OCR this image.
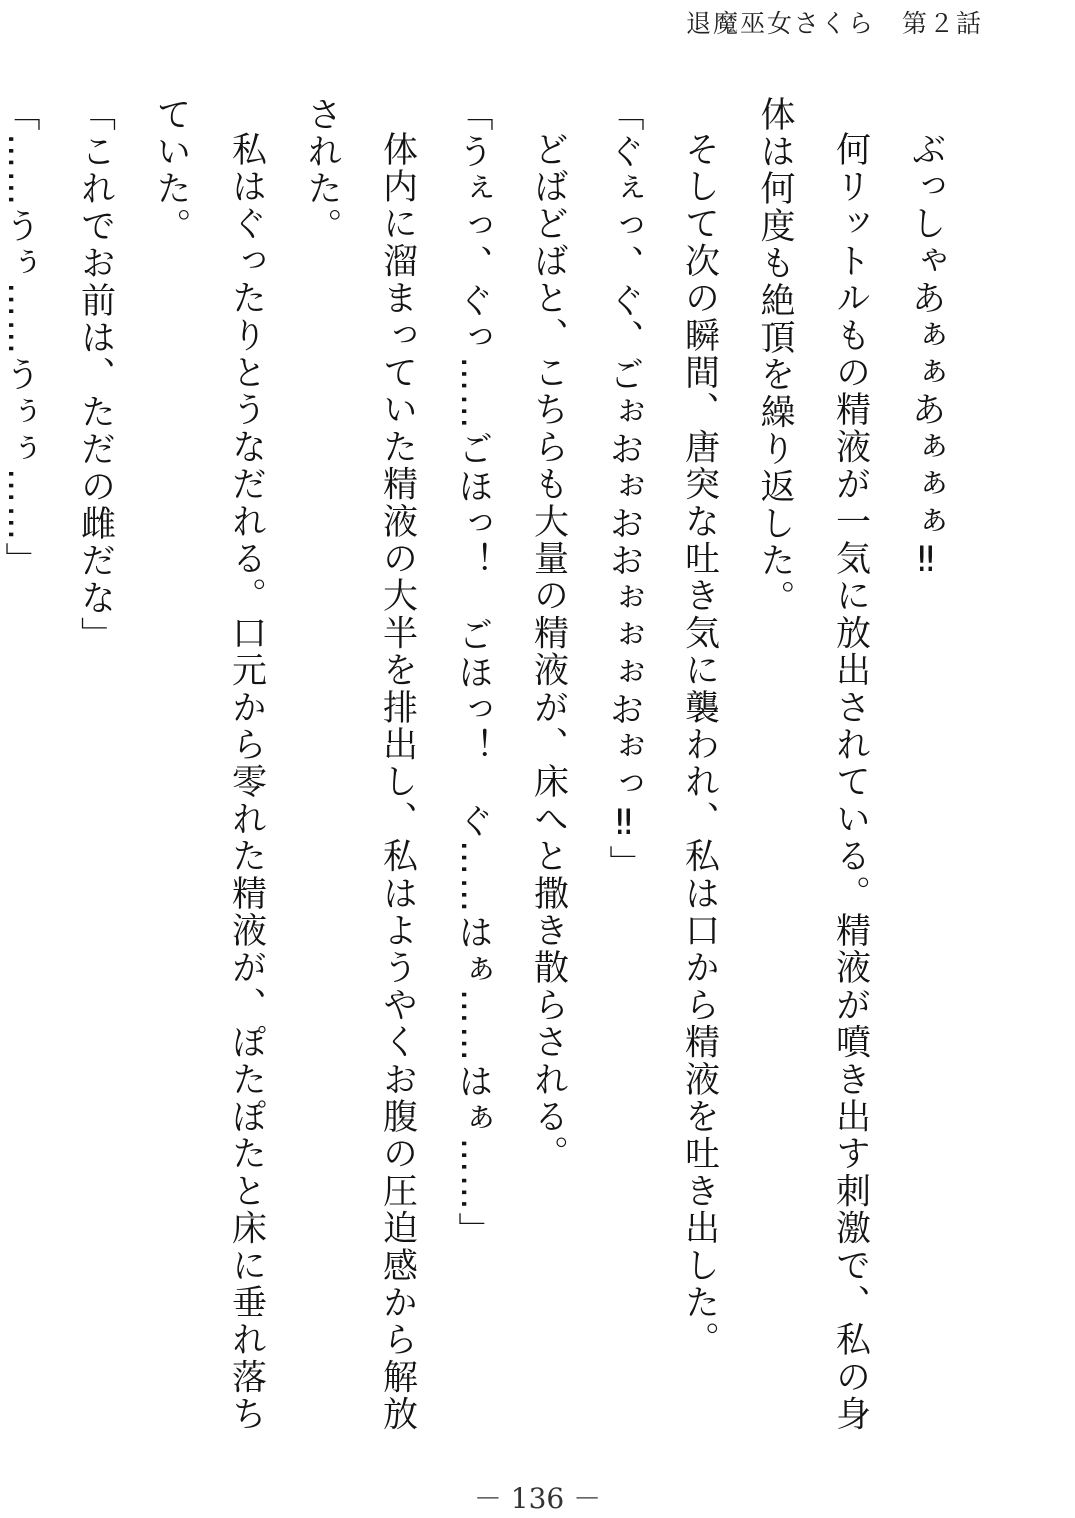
退魔巫女さくら　第２話

ぶっしゃあぁぁあぁぁぁ‼

何リットルもの精液が一気に放出されている。精液が噴き出す刺激で、私の身体は何度も絶頂を繰り返した。

そして次の瞬間、唐突な吐き気に襲われ、私は口から精液を吐き出した。

「ぐぇっ、ぐ、ごぉおぉおおぉぉぉおぉっ‼」

どばどばと、こちらも大量の精液が、床へと撒き散らされる。

「うぇっ、ぐっ……ごほっ！　ごほっ！　ぐ……はぁ……はぁ……」

体内に溜まっていた精液の大半を排出し、私はようやくお腹の圧迫感から解放された。

私はぐったりとうなだれる。口元から零れた精液が、ぽたぽたと床に垂れ落ちていた。

「これでお前は、ただの雌だな」

「……うぅ……うぅぅ……」

－ 136 －
